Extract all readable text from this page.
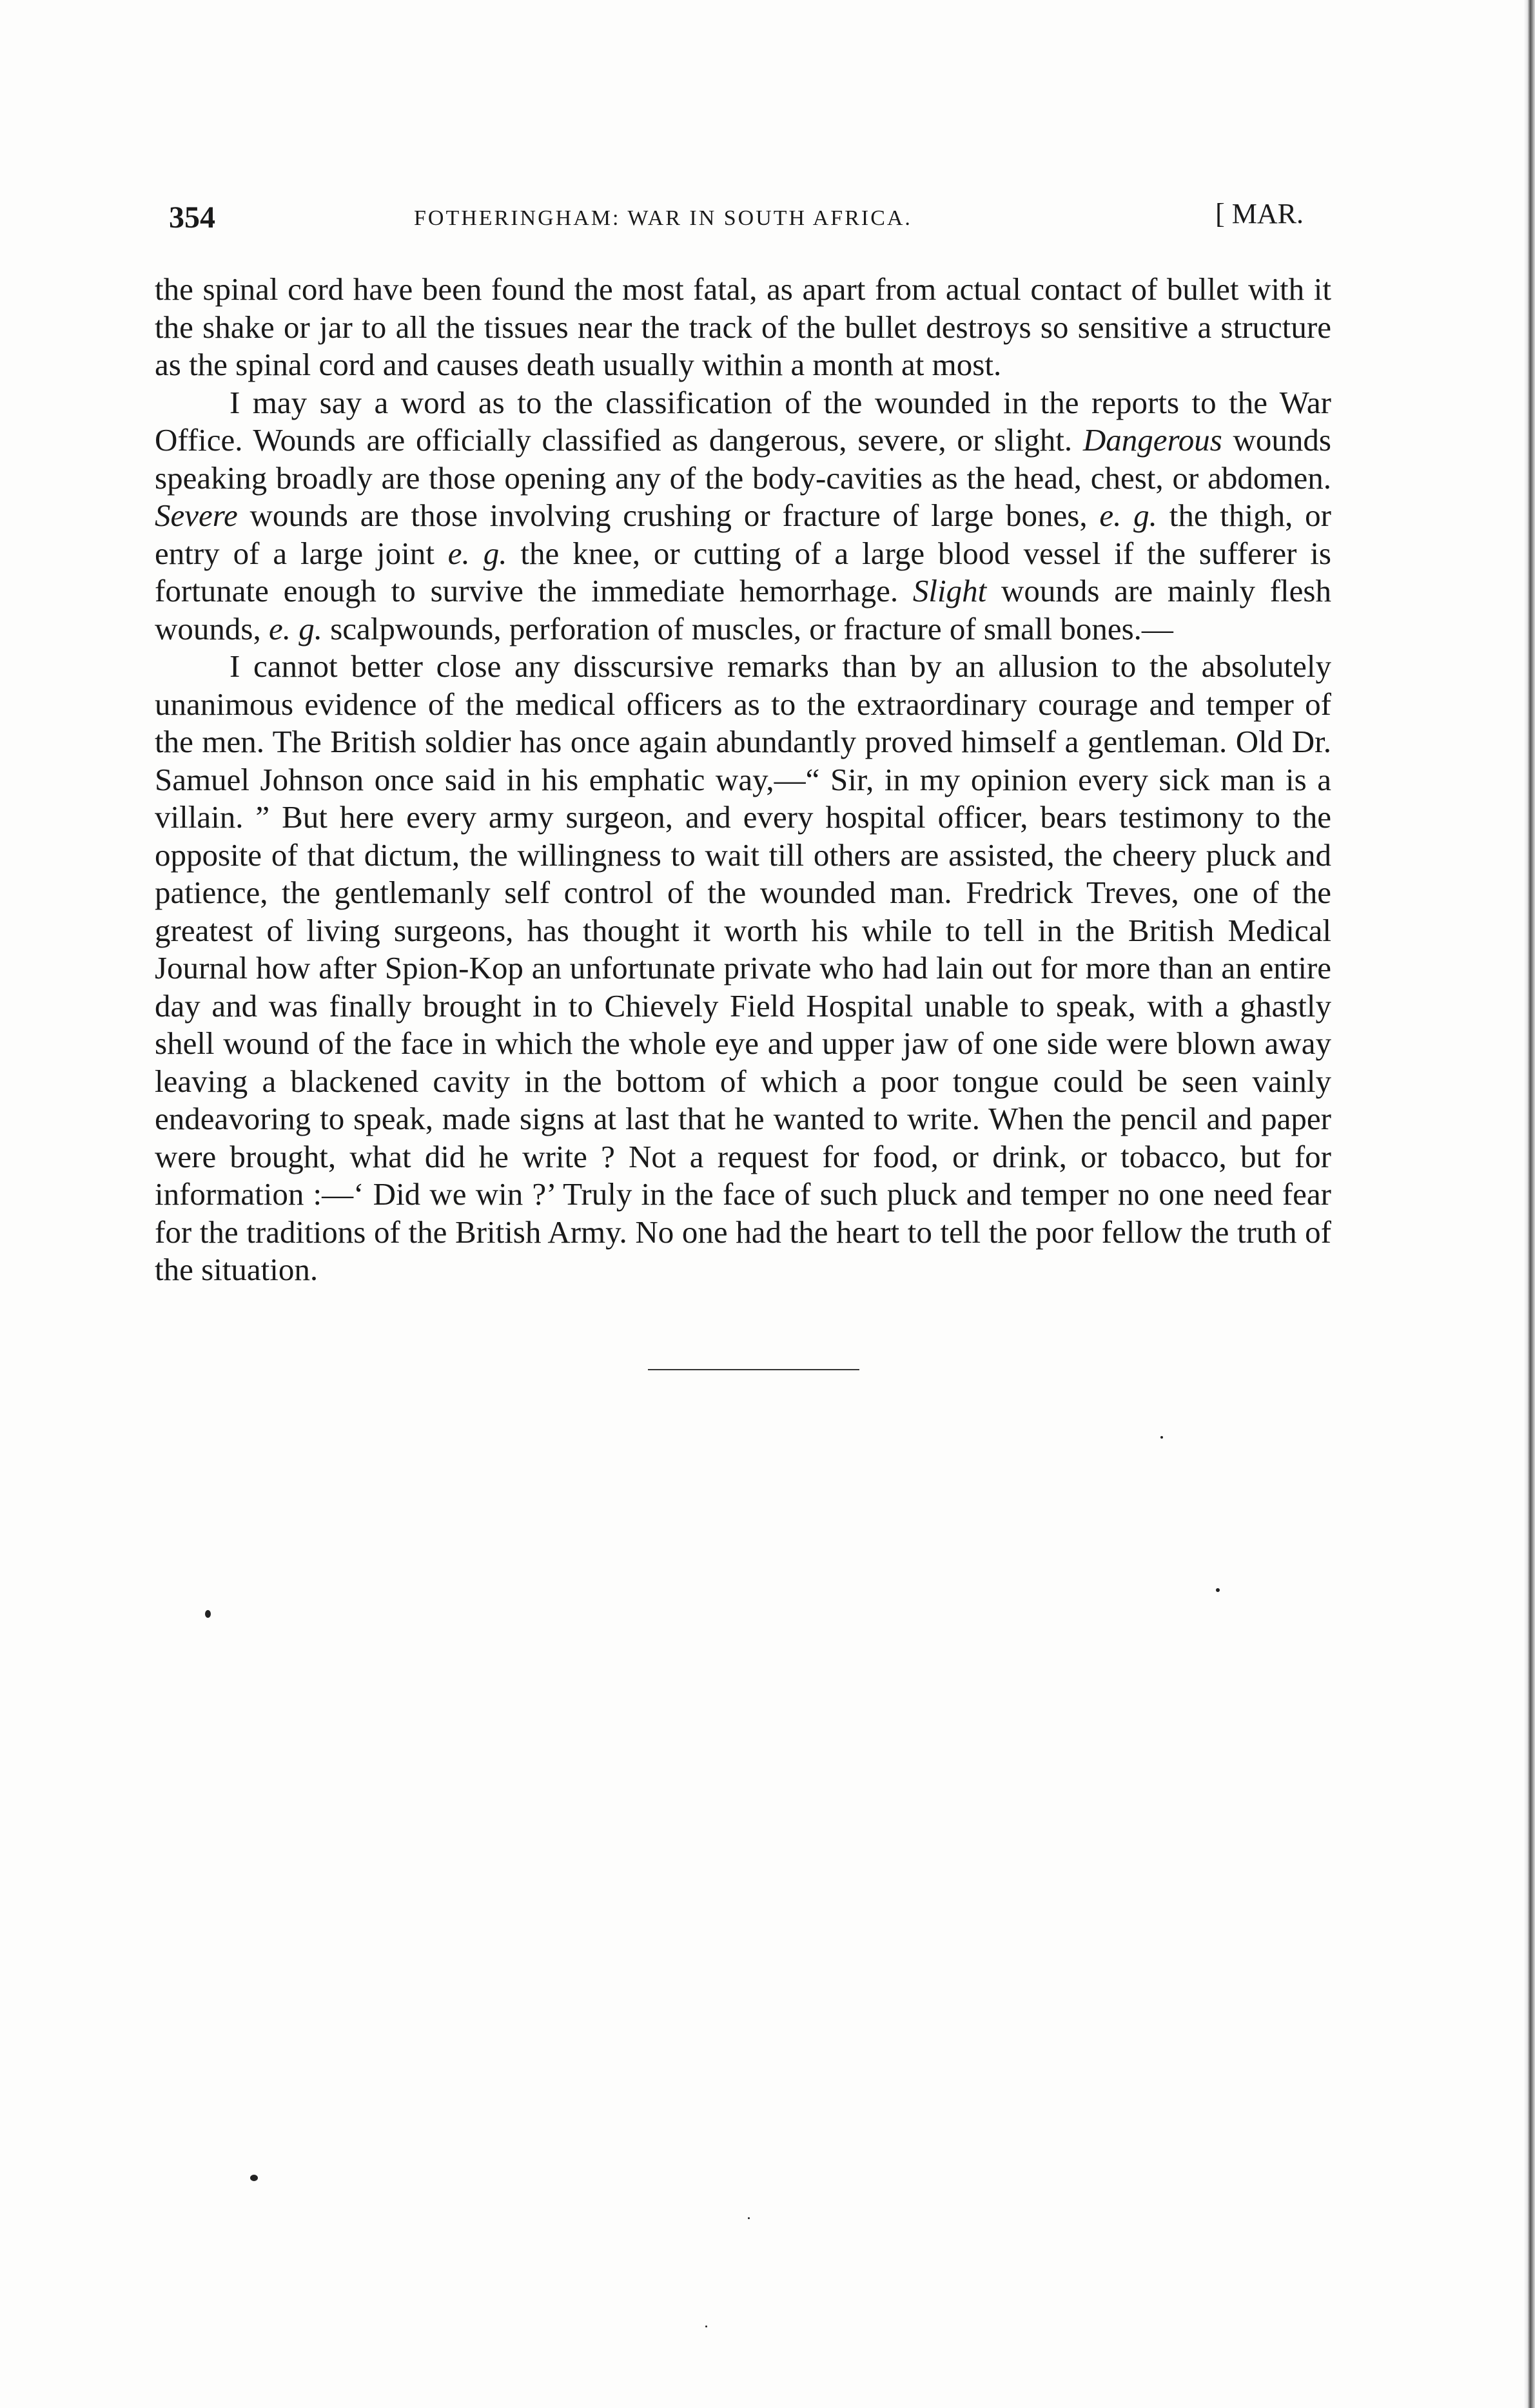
354	FOTHERINGHAM: WAR IN SOUTH AFRICA.	[ MAR.

the spinal cord have been found the most fatal, as apart from actual contact of bullet with it the shake or jar to all the tissues near the track of the bullet destroys so sensitive a structure as the spinal cord and causes death usually within a month at most.

I may say a word as to the classification of the wounded in the reports to the War Office. Wounds are officially classified as dangerous, severe, or slight. Dangerous wounds speaking broadly are those opening any of the body-cavities as the head, chest, or abdomen. Severe wounds are those involving crushing or fracture of large bones, e. g. the thigh, or entry of a large joint e. g. the knee, or cutting of a large blood vessel if the sufferer is fortunate enough to survive the immediate hemorrhage. Slight wounds are mainly flesh wounds, e. g. scalpwounds, perforation of muscles, or fracture of small bones.—

I cannot better close any disscursive remarks than by an allusion to the absolutely unanimous evidence of the medical officers as to the extraordinary courage and temper of the men. The British soldier has once again abundantly proved himself a gentleman. Old Dr. Samuel Johnson once said in his emphatic way,—“ Sir, in my opinion every sick man is a villain. ” But here every army surgeon, and every hospital officer, bears testimony to the opposite of that dictum, the willingness to wait till others are assisted, the cheery pluck and patience, the gentlemanly self control of the wounded man. Fredrick Treves, one of the greatest of living surgeons, has thought it worth his while to tell in the British Medical Journal how after Spion-Kop an unfortunate private who had lain out for more than an entire day and was finally brought in to Chievely Field Hospital unable to speak, with a ghastly shell wound of the face in which the whole eye and upper jaw of one side were blown away leaving a blackened cavity in the bottom of which a poor tongue could be seen vainly endeavoring to speak, made signs at last that he wanted to write. When the pencil and paper were brought, what did he write ? Not a request for food, or drink, or tobacco, but for information :—‘ Did we win ?’ Truly in the face of such pluck and temper no one need fear for the traditions of the British Army. No one had the heart to tell the poor fellow the truth of the situation.
